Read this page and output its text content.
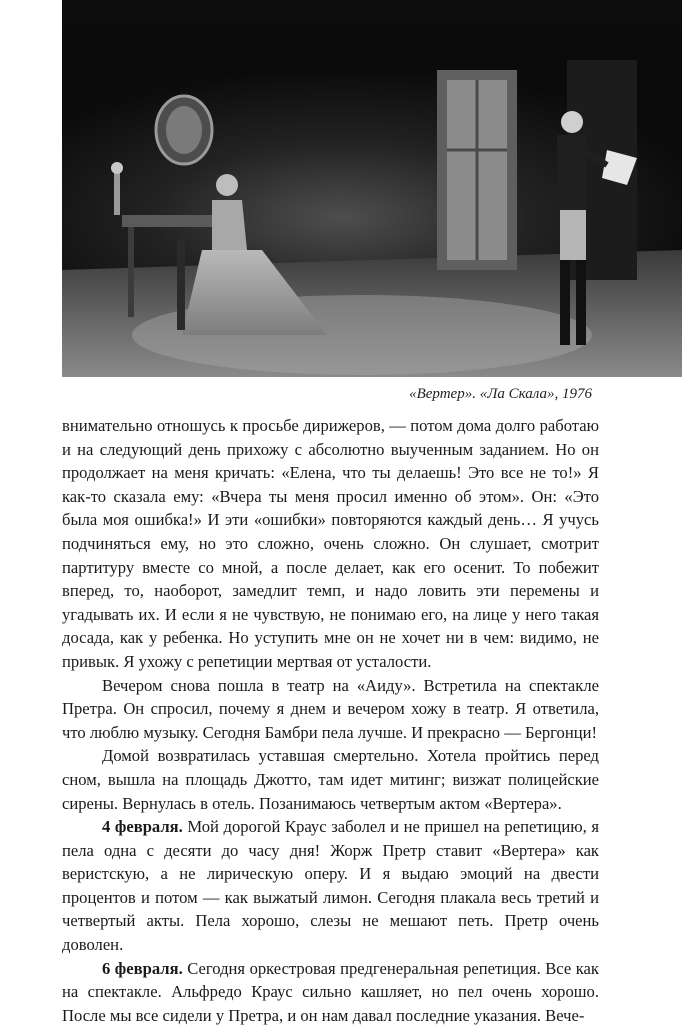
«Вертер». «Ла Скала», 1976

внимательно отношусь к просьбе дирижеров, — потом дома долго работаю и на следующий день прихожу с абсолютно выученным заданием. Но он продолжает на меня кричать: «Елена, что ты делаешь! Это все не то!» Я как-то сказала ему: «Вчера ты меня просил именно об этом». Он: «Это была моя ошибка!» И эти «ошибки» повторяются каждый день… Я учусь подчиняться ему, но это сложно, очень сложно. Он слушает, смотрит партитуру вместе со мной, а после делает, как его осенит. То побежит вперед, то, наоборот, замедлит темп, и надо ловить эти перемены и угадывать их. И если я не чувствую, не понимаю его, на лице у него такая досада, как у ребенка. Но уступить мне он не хочет ни в чем: видимо, не привык. Я ухожу с репетиции мертвая от усталости.

Вечером снова пошла в театр на «Аиду». Встретила на спектакле Претра. Он спросил, почему я днем и вечером хожу в театр. Я ответила, что люблю музыку. Сегодня Бамбри пела лучше. И прекрасно — Бергонци!

Домой возвратилась уставшая смертельно. Хотела пройтись перед сном, вышла на площадь Джотто, там идет митинг; визжат полицейские сирены. Вернулась в отель. Позанимаюсь четвертым актом «Вертера».

4 февраля. Мой дорогой Краус заболел и не пришел на репетицию, я пела одна с десяти до часу дня! Жорж Претр ставит «Вертера» как веристскую, а не лирическую оперу. И я выдаю эмоций на двести процентов и потом — как выжатый лимон. Сегодня плакала весь третий и четвертый акты. Пела хорошо, слезы не мешают петь. Претр очень доволен.

6 февраля. Сегодня оркестровая предгенеральная репетиция. Все как на спектакле. Альфредо Краус сильно кашляет, но пел очень хорошо. После мы все сидели у Претра, и он нам давал последние указания. Вече-
